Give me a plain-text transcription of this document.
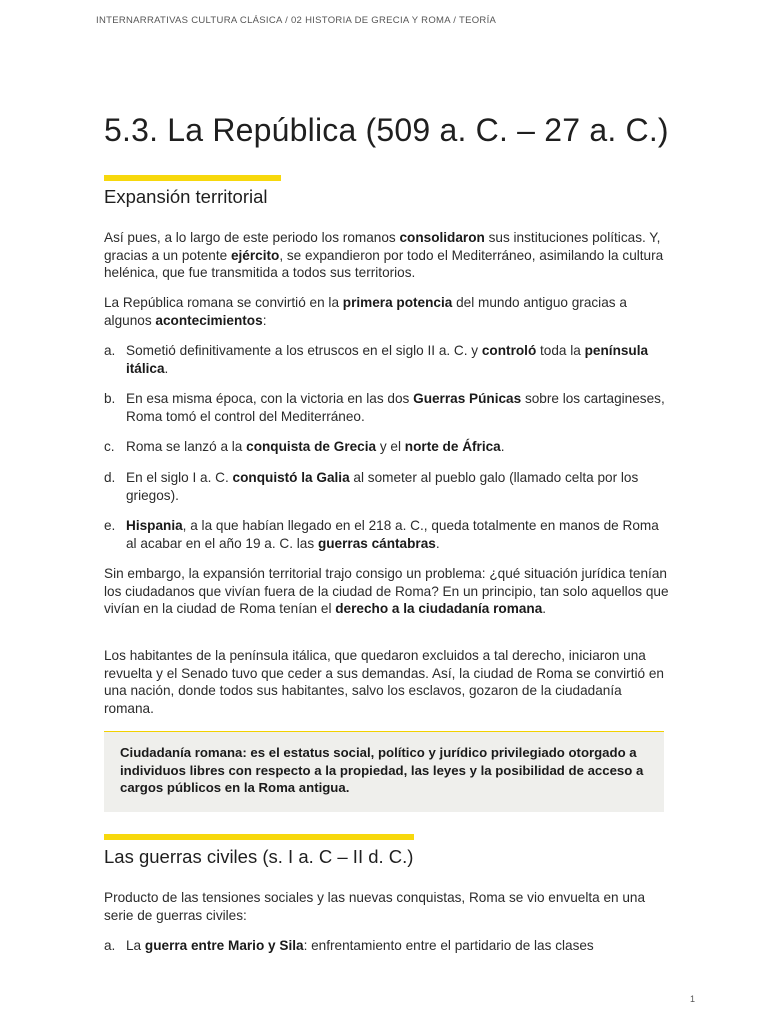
INTERNARRATIVAS CULTURA CLÁSICA / 02 HISTORIA DE GRECIA Y ROMA / TEORÍA
5.3. La República (509 a. C. – 27 a. C.)
Expansión territorial

Así pues, a lo largo de este periodo los romanos consolidaron sus instituciones políticas. Y, gracias a un potente ejército, se expandieron por todo el Mediterráneo, asimilando la cultura helénica, que fue transmitida a todos sus territorios.

La República romana se convirtió en la primera potencia del mundo antiguo gracias a algunos acontecimientos:

a. Sometió definitivamente a los etruscos en el siglo II a. C. y controló toda la península itálica.
b. En esa misma época, con la victoria en las dos Guerras Púnicas sobre los cartagineses, Roma tomó el control del Mediterráneo.
c. Roma se lanzó a la conquista de Grecia y el norte de África.
d. En el siglo I a. C. conquistó la Galia al someter al pueblo galo (llamado celta por los griegos).
e. Hispania, a la que habían llegado en el 218 a. C., queda totalmente en manos de Roma al acabar en el año 19 a. C. las guerras cántabras.

Sin embargo, la expansión territorial trajo consigo un problema: ¿qué situación jurídica tenían los ciudadanos que vivían fuera de la ciudad de Roma? En un principio, tan solo aquellos que vivían en la ciudad de Roma tenían el derecho a la ciudadanía romana.

Los habitantes de la península itálica, que quedaron excluidos a tal derecho, iniciaron una revuelta y el Senado tuvo que ceder a sus demandas. Así, la ciudad de Roma se convirtió en una nación, donde todos sus habitantes, salvo los esclavos, gozaron de la ciudadanía romana.

Ciudadanía romana: es el estatus social, político y jurídico privilegiado otorgado a individuos libres con respecto a la propiedad, las leyes y la posibilidad de acceso a cargos públicos en la Roma antigua.
Las guerras civiles (s. I a. C – II d. C.)

Producto de las tensiones sociales y las nuevas conquistas, Roma se vio envuelta en una serie de guerras civiles:

a. La guerra entre Mario y Sila: enfrentamiento entre el partidario de las clases
1
